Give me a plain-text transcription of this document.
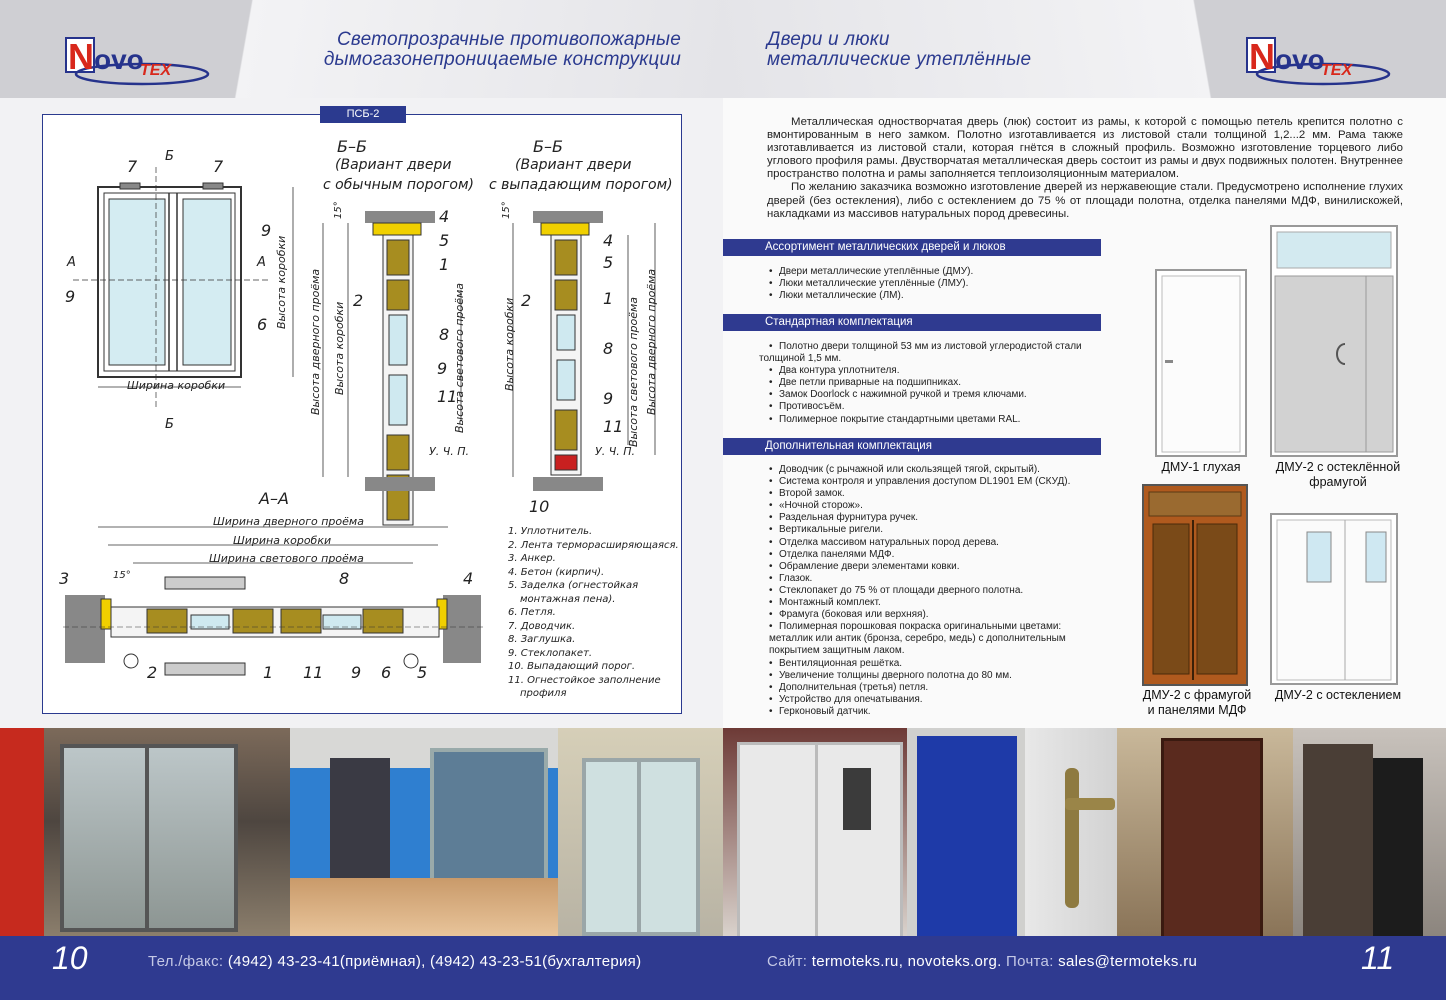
N ovo
TEX
Светопрозрачные противопожарные
дымогазонепроницаемые конструкции
Б–Б
(Вариант двери
с обычным порогом)
Б–Б
(Вариант двери
с выпадающим порогом)
А–А
Ширина коробки
Высота коробки Высота дверного проёма Высота коробки	Высота светового проёма	Высота коробки	Высота светового проёма Высота дверного проёма
Ширина дверного проёма
Ширина коробки
Ширина светового проёма
15°	15°
15°
У. Ч. П.	У. Ч. П.
А	А
Б
Б
7	7
9
9
6
4
5
1
2
8
9
11
4
5
1
2
8
9
11
10
3	4
8
2	1 11 9 6 5
ПСБ-2
1. Уплотнитель.
2. Лента терморасширяющаяся.
3. Анкер.
4. Бетон (кирпич).
5. Заделка (огнестойкая
монтажная пена).
6. Петля.
7. Доводчик.
8. Заглушка.
9. Стеклопакет.
10. Выпадающий порог.
11. Огнестойкое заполнение
профиля
10	Тел./факс: (4942) 43-23-41(приёмная), (4942) 43-23-51(бухгалтерия)
Двери и люки
металлические утеплённые	N ovo
TEX

Металлическая одностворчатая дверь (люк) состоит из рамы, к которой с помощью петель крепится полотно с вмонтированным в него замком. Полотно изготавливается из листовой стали толщиной 1,2...2 мм. Рама также изготавливается из листовой стали, которая гнётся в сложный профиль. Возможно изготовление торцевого либо углового профиля рамы. Двустворчатая металлическая дверь состоит из рамы и двух подвижных полотен. Внутреннее пространство полотна и рамы заполняется теплоизоляционным материалом.

По желанию заказчика возможно изготовление дверей из нержавеющие стали. Предусмотрено исполнение глухих дверей (без остекления), либо с остеклением до 75 % от площади полотна, отделка панелями МДФ, винилискожей, накладками из массивов натуральных пород древесины.

Ассортимент металлических дверей и люков
• Двери металлические утеплённые (ДМУ).
• Люки металлические утеплённые (ЛМУ).
• Люки металлические (ЛМ).
Стандартная комплектация
• Полотно двери толщиной 53 мм из листовой углеродистой стали
толщиной 1,5 мм.
• Два контура уплотнителя.
• Две петли приварные на подшипниках.
• Замок Doorlock с нажимной ручкой и тремя ключами.
• Противосъём.
• Полимерное покрытие стандартными цветами RAL.
Дополнительная комплектация
• Доводчик (с рычажной или скользящей тягой, скрытый).
• Система контроля и управления доступом DL1901 EM (СКУД).
• Второй замок.
• «Ночной сторож».
• Раздельная фурнитура ручек.
• Вертикальные ригели.
• Отделка массивом натуральных пород дерева.
• Отделка панелями МДФ.
• Обрамление двери элементами ковки.
• Глазок.
• Стеклопакет до 75 % от площади дверного полотна.
• Монтажный комплект.
• Фрамуга (боковая или верхняя).
• Полимерная порошковая покраска оригинальными цветами:
металлик или антик (бронза, серебро, медь) с дополнительным
покрытием защитным лаком.
• Вентиляционная решётка.
• Увеличение толщины дверного полотна до 80 мм.
• Дополнительная (третья) петля.
• Устройство для опечатывания.
• Герконовый датчик.
ДМУ-1 глухая	ДМУ-2 с остеклённой
фрамугой
ДМУ-2 с фрамугой
и панелями МДФ
ДМУ-2 с остеклением
Сайт: termoteks.ru, novoteks.org. Почта: sales@termoteks.ru	11
